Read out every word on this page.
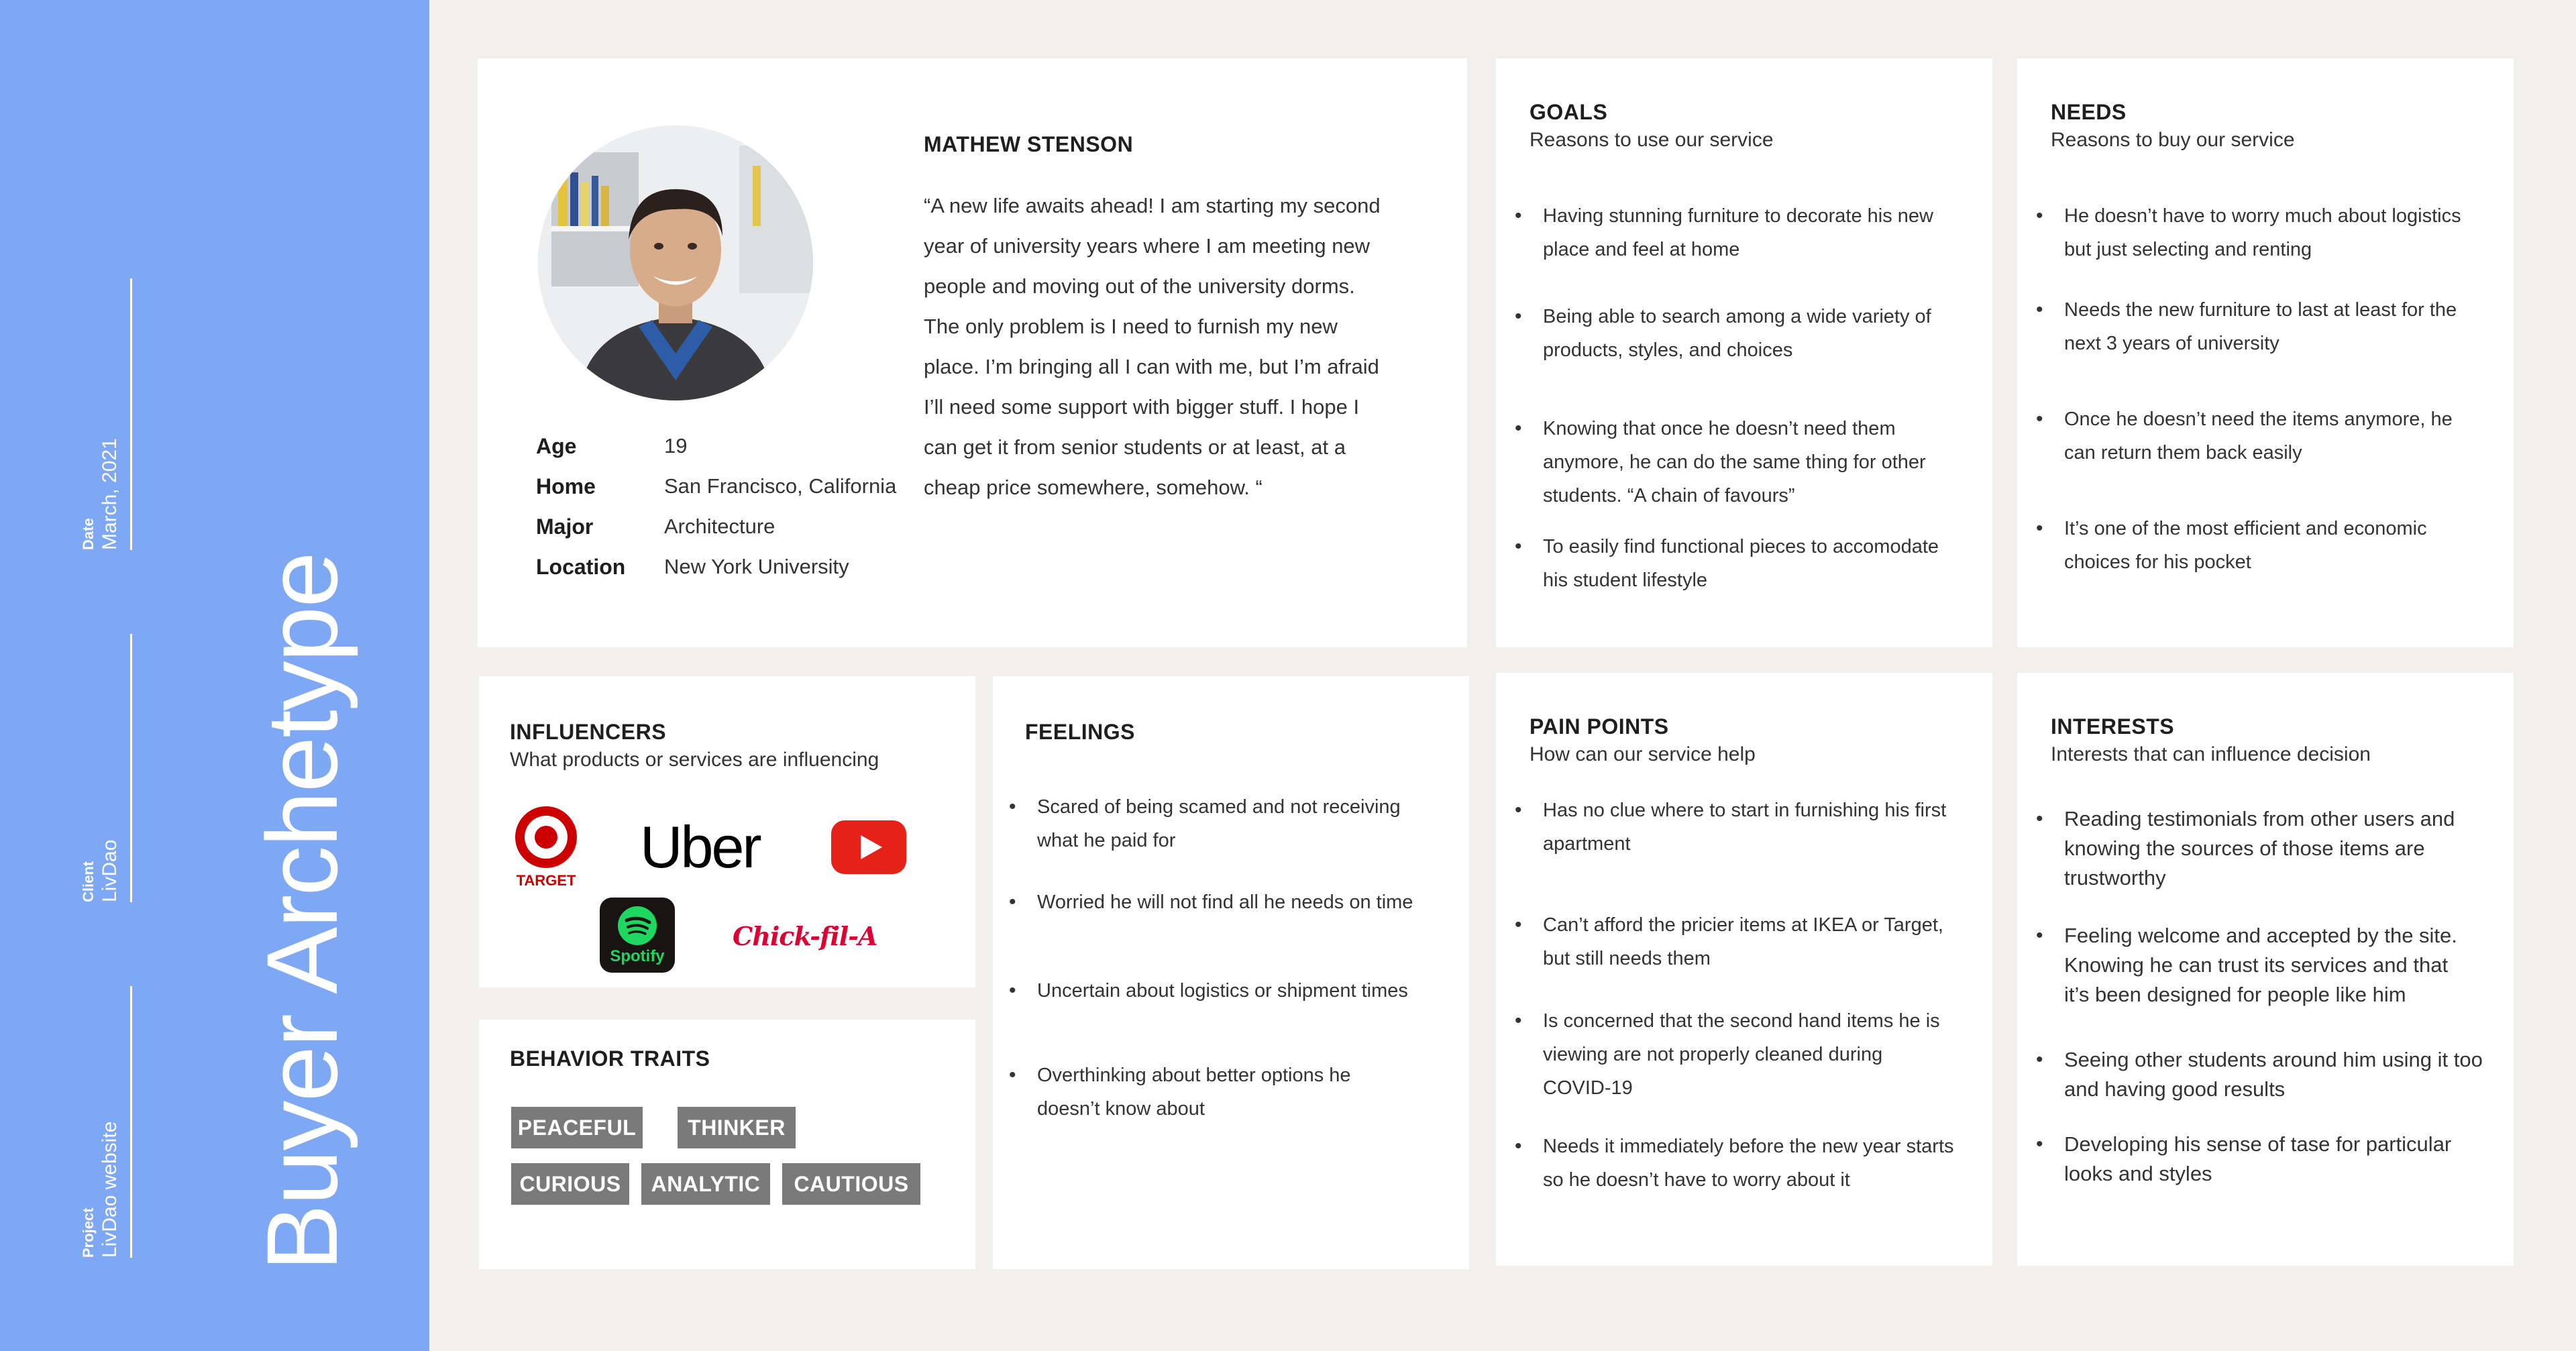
Date March, 2021
Client LivDao
Project LivDao website Buyer Archetype
MATHEW STENSON
“A new life awaits ahead! I am starting my second
year of university years where I am meeting new
people and moving out of the university dorms.
The only problem is I need to furnish my new
place. I’m bringing all I can with me, but I’m afraid
I’ll need some support with bigger stuff. I hope I
can get it from senior students or at least, at a
cheap price somewhere, somehow. “
Age	19
Home	San Francisco, California
Major	Architecture
Location New York University
GOALS
Reasons to use our service
• Having stunning furniture to decorate his new
place and feel at home
• Being able to search among a wide variety of
products, styles, and choices
• Knowing that once he doesn’t need them
anymore, he can do the same thing for other
students. “A chain of favours”
• To easily find functional pieces to accomodate
his student lifestyle
NEEDS
Reasons to buy our service
• He doesn’t have to worry much about logistics
but just selecting and renting
• Needs the new furniture to last at least for the
next 3 years of university
• Once he doesn’t need the items anymore, he
can return them back easily
• It’s one of the most efficient and economic
choices for his pocket
INFLUENCERS
What products or services are influencing
TARGET
Uber
Spotify
Chick-fil-A
BEHAVIOR TRAITS
PEACEFUL	THINKER
CURIOUS	ANALYTIC	CAUTIOUS
FEELINGS
• Scared of being scamed and not receiving
what he paid for
• Worried he will not find all he needs on time
• Uncertain about logistics or shipment times
• Overthinking about better options he
doesn’t know about
PAIN POINTS
How can our service help
• Has no clue where to start in furnishing his first
apartment
• Can’t afford the pricier items at IKEA or Target,
but still needs them
• Is concerned that the second hand items he is
viewing are not properly cleaned during
COVID-19
• Needs it immediately before the new year starts
so he doesn’t have to worry about it
INTERESTS
Interests that can influence decision
• Reading testimonials from other users and
knowing the sources of those items are
trustworthy
• Feeling welcome and accepted by the site.
Knowing he can trust its services and that
it’s been designed for people like him
• Seeing other students around him using it too
and having good results
• Developing his sense of tase for particular
looks and styles
